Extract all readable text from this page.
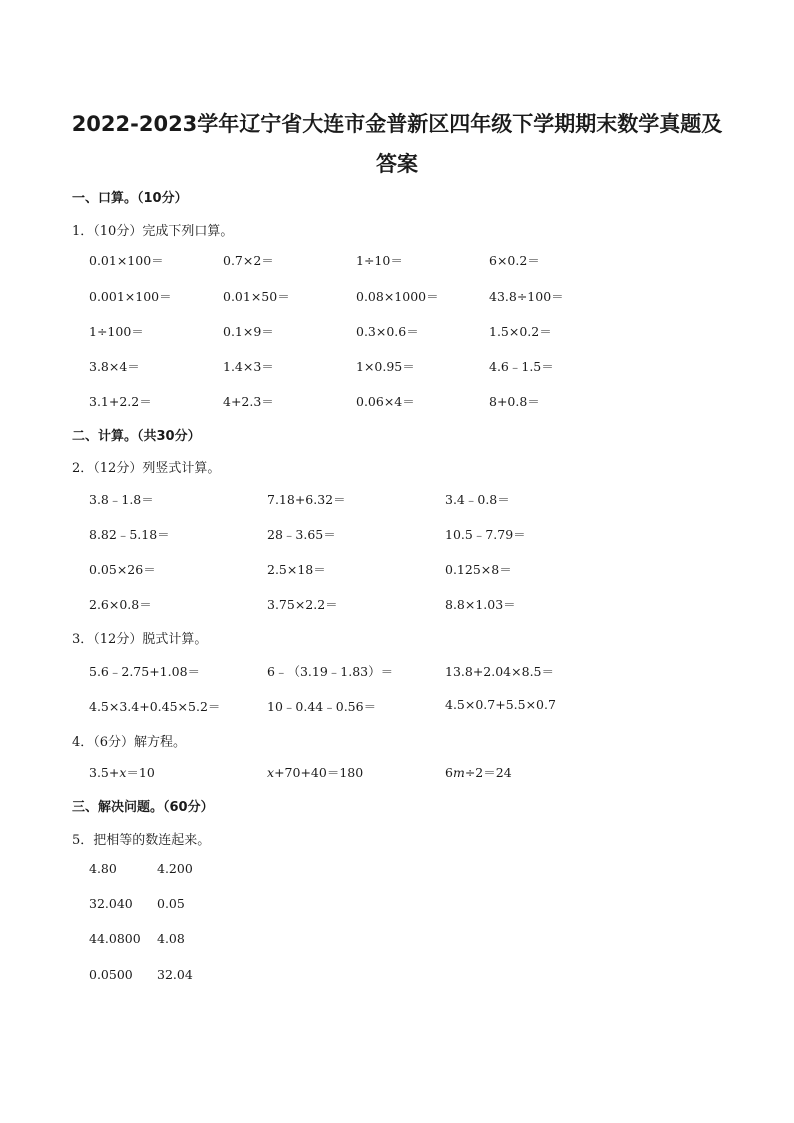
2022-2023学年辽宁省大连市金普新区四年级下学期期末数学真题及
答案
一、口算。（10分）
1．（10分）完成下列口算。
0.01×100＝	0.7×2＝	1÷10＝	6×0.2＝
0.001×100＝	0.01×50＝	0.08×1000＝	43.8÷100＝
1÷100＝	0.1×9＝	0.3×0.6＝	1.5×0.2＝
3.8×4＝	1.4×3＝	1×0.95＝	4.6﹣1.5＝
3.1+2.2＝	4+2.3＝	0.06×4＝	8+0.8＝
二、计算。（共30分）
2．（12分）列竖式计算。
3.8﹣1.8＝	7.18+6.32＝	3.4﹣0.8＝
8.82﹣5.18＝	28﹣3.65＝	10.5﹣7.79＝
0.05×26＝	2.5×18＝	0.125×8＝
2.6×0.8＝	3.75×2.2＝	8.8×1.03＝
3．（12分）脱式计算。
5.6﹣2.75+1.08＝	6﹣（3.19﹣1.83）＝	13.8+2.04×8.5＝
4.5×3.4+0.45×5.2＝	10﹣0.44﹣0.56＝	4.5×0.7+5.5×0.7
4．（6分）解方程。
3.5+x＝10	x+70+40＝180	6m÷2＝24
三、解决问题。（60分）
5．把相等的数连起来。
4.80	4.200
32.040 0.05
44.0800 4.08
0.0500 32.04
